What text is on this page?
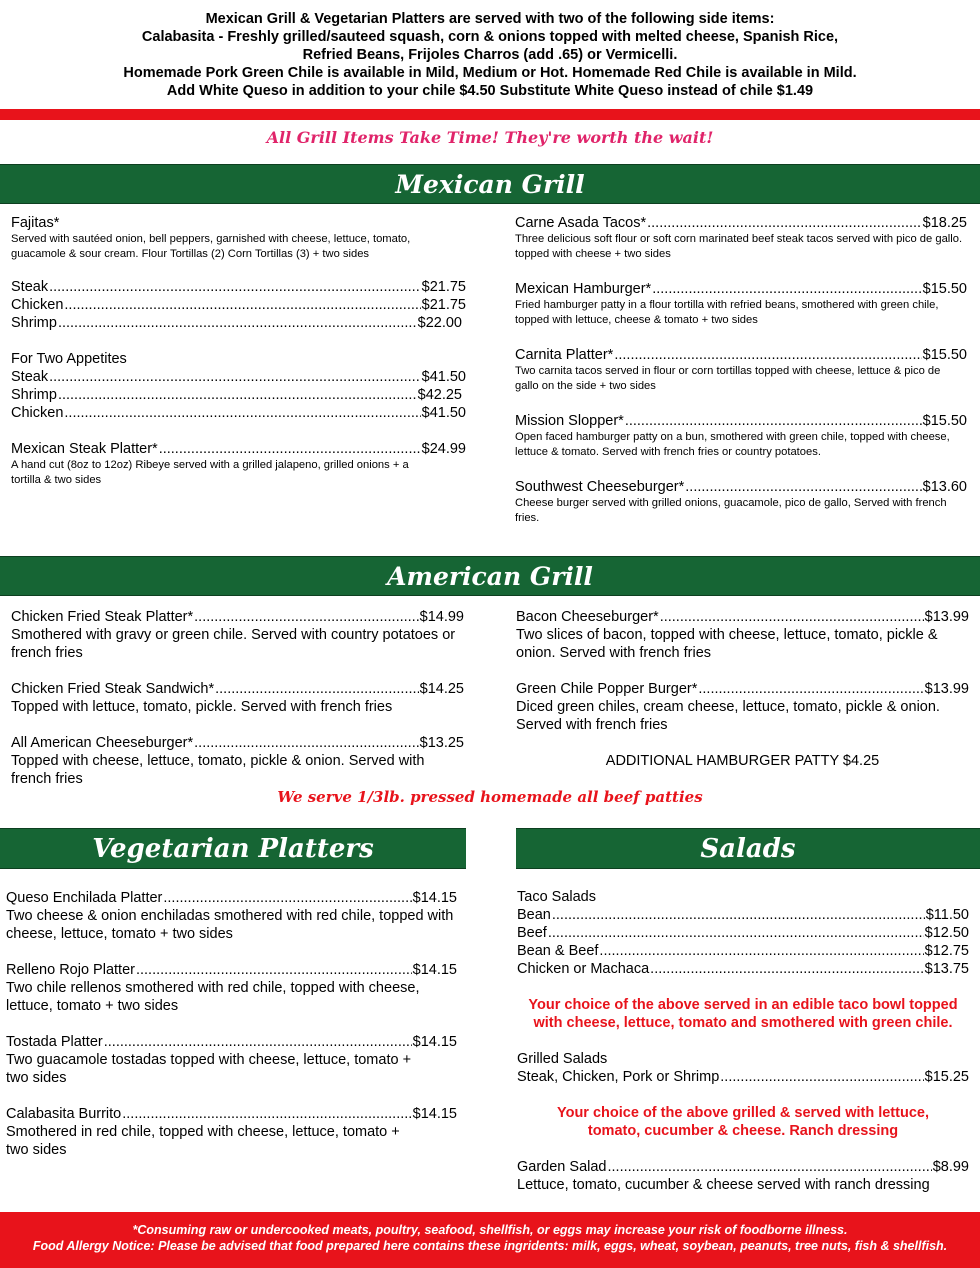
Mexican Grill & Vegetarian Platters are served with two of the following side items:
Calabasita - Freshly grilled/sauteed squash, corn & onions topped with melted cheese, Spanish Rice,
Refried Beans, Frijoles Charros (add .65) or Vermicelli.
Homemade Pork Green Chile is available in Mild, Medium or Hot. Homemade Red Chile is available in Mild.
Add White Queso in addition to your chile $4.50 Substitute White Queso instead of chile $1.49
All Grill Items Take Time! They're worth the wait!
Mexican Grill
Fajitas*
Served with sautéed onion, bell peppers, garnished with cheese, lettuce, tomato, guacamole & sour cream. Flour Tortillas (2) Corn Tortillas (3) + two sides
Steak .....	$21.75
Chicken .....	$21.75
Shrimp .....	$22.00
For Two Appetites
Steak .....	$41.50
Shrimp .....	$42.25
Chicken .....	$41.50
Mexican Steak Platter* .....	$24.99
A hand cut (8oz to 12oz) Ribeye served with a grilled jalapeno, grilled onions + a tortilla & two sides
Carne Asada Tacos* .....	$18.25
Three delicious soft flour or soft corn marinated beef steak tacos served with pico de gallo. topped with cheese + two sides
Mexican Hamburger* .....	$15.50
Fried hamburger patty in a flour tortilla with refried beans, smothered with green chile, topped with lettuce, cheese & tomato + two sides
Carnita Platter* .....	$15.50
Two carnita tacos served in flour or corn tortillas topped with cheese, lettuce & pico de gallo on the side + two sides
Mission Slopper* .....	$15.50
Open faced hamburger patty on a bun, smothered with green chile, topped with cheese, lettuce & tomato. Served with french fries or country potatoes.
Southwest Cheeseburger* .....	$13.60
Cheese burger served with grilled onions, guacamole, pico de gallo, Served with french fries.
American Grill
Chicken Fried Steak Platter* .....	$14.99
Smothered with gravy or green chile. Served with country potatoes or french fries
Chicken Fried Steak Sandwich* .....	$14.25
Topped with lettuce, tomato, pickle. Served with french fries
All American Cheeseburger* .....	$13.25
Topped with cheese, lettuce, tomato, pickle & onion. Served with french fries
Bacon Cheeseburger* .....	$13.99
Two slices of bacon, topped with cheese, lettuce, tomato, pickle & onion. Served with french fries
Green Chile Popper Burger* .....	$13.99
Diced green chiles, cream cheese, lettuce, tomato, pickle & onion. Served with french fries
ADDITIONAL HAMBURGER PATTY $4.25
We serve 1/3lb. pressed homemade all beef patties
Vegetarian Platters
Queso Enchilada Platter .....	$14.15
Two cheese & onion enchiladas smothered with red chile, topped with cheese, lettuce, tomato + two sides
Relleno Rojo Platter .....	$14.15
Two chile rellenos smothered with red chile, topped with cheese, lettuce, tomato + two sides
Tostada Platter .....	$14.15
Two guacamole tostadas topped with cheese, lettuce, tomato + two sides
Calabasita Burrito .....	$14.15
Smothered in red chile, topped with cheese, lettuce, tomato + two sides
Salads
Taco Salads
Bean .....	$11.50
Beef .....	$12.50
Bean & Beef .....	$12.75
Chicken or Machaca .....	$13.75
Your choice of the above served in an edible taco bowl topped with cheese, lettuce, tomato and smothered with green chile.
Grilled Salads
Steak, Chicken, Pork or Shrimp .....	$15.25
Your choice of the above grilled & served with lettuce, tomato, cucumber & cheese. Ranch dressing
Garden Salad .....	$8.99
Lettuce, tomato, cucumber & cheese served with ranch dressing
*Consuming raw or undercooked meats, poultry, seafood, shellfish, or eggs may increase your risk of foodborne illness.
Food Allergy Notice: Please be advised that food prepared here contains these ingridents: milk, eggs, wheat, soybean, peanuts, tree nuts, fish & shellfish.
